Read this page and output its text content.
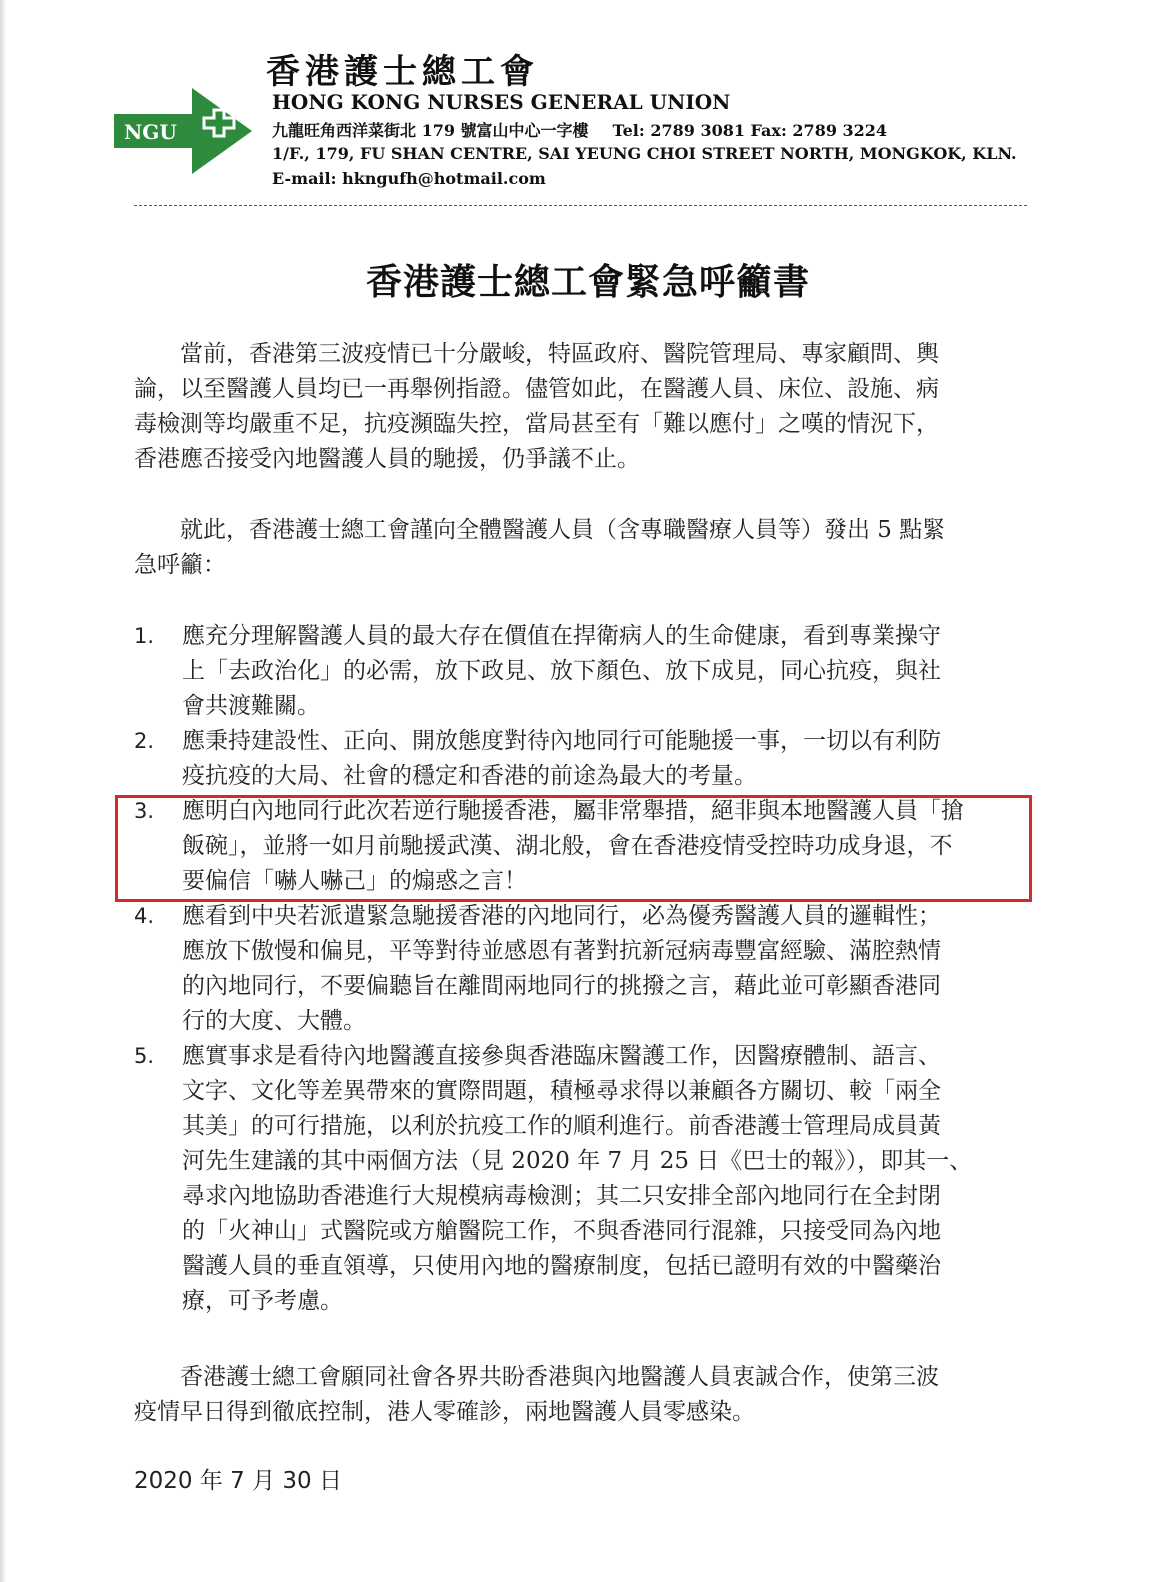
NGU
香港護士總工會
HONG KONG NURSES GENERAL UNION
九龍旺角西洋菜街北 179 號富山中心一字樓 Tel: 2789 3081 Fax: 2789 3224
1/F., 179, FU SHAN CENTRE, SAI YEUNG CHOI STREET NORTH, MONGKOK, KLN.
E-mail: hkngufh@hotmail.com
香港護士總工會緊急呼籲書
當前，香港第三波疫情已十分嚴峻，特區政府、醫院管理局、專家顧問、輿
論，以至醫護人員均已一再舉例指證。儘管如此，在醫護人員、床位、設施、病
毒檢測等均嚴重不足，抗疫瀕臨失控，當局甚至有「難以應付」之嘆的情況下，
香港應否接受內地醫護人員的馳援，仍爭議不止。
就此，香港護士總工會謹向全體醫護人員（含專職醫療人員等）發出 5 點緊
急呼籲：
1. 應充分理解醫護人員的最大存在價值在捍衛病人的生命健康，看到專業操守
上「去政治化」的必需，放下政見、放下顏色、放下成見，同心抗疫，與社
會共渡難關。
2. 應秉持建設性、正向、開放態度對待內地同行可能馳援一事，一切以有利防
疫抗疫的大局、社會的穩定和香港的前途為最大的考量。
3. 應明白內地同行此次若逆行馳援香港，屬非常舉措，絕非與本地醫護人員「搶
飯碗」，並將一如月前馳援武漢、湖北般，會在香港疫情受控時功成身退，不
要偏信「嚇人嚇己」的煽惑之言！
4. 應看到中央若派遣緊急馳援香港的內地同行，必為優秀醫護人員的邏輯性；
應放下傲慢和偏見，平等對待並感恩有著對抗新冠病毒豐富經驗、滿腔熱情
的內地同行，不要偏聽旨在離間兩地同行的挑撥之言，藉此並可彰顯香港同
行的大度、大體。
5. 應實事求是看待內地醫護直接參與香港臨床醫護工作，因醫療體制、語言、
文字、文化等差異帶來的實際問題，積極尋求得以兼顧各方關切、較「兩全
其美」的可行措施，以利於抗疫工作的順利進行。前香港護士管理局成員黃
河先生建議的其中兩個方法（見 2020 年 7 月 25 日《巴士的報》），即其一、
尋求內地協助香港進行大規模病毒檢測；其二只安排全部內地同行在全封閉
的「火神山」式醫院或方艙醫院工作，不與香港同行混雜，只接受同為內地
醫護人員的垂直領導，只使用內地的醫療制度，包括已證明有效的中醫藥治
療，可予考慮。
香港護士總工會願同社會各界共盼香港與內地醫護人員衷誠合作，使第三波
疫情早日得到徹底控制，港人零確診，兩地醫護人員零感染。
2020 年 7 月 30 日
